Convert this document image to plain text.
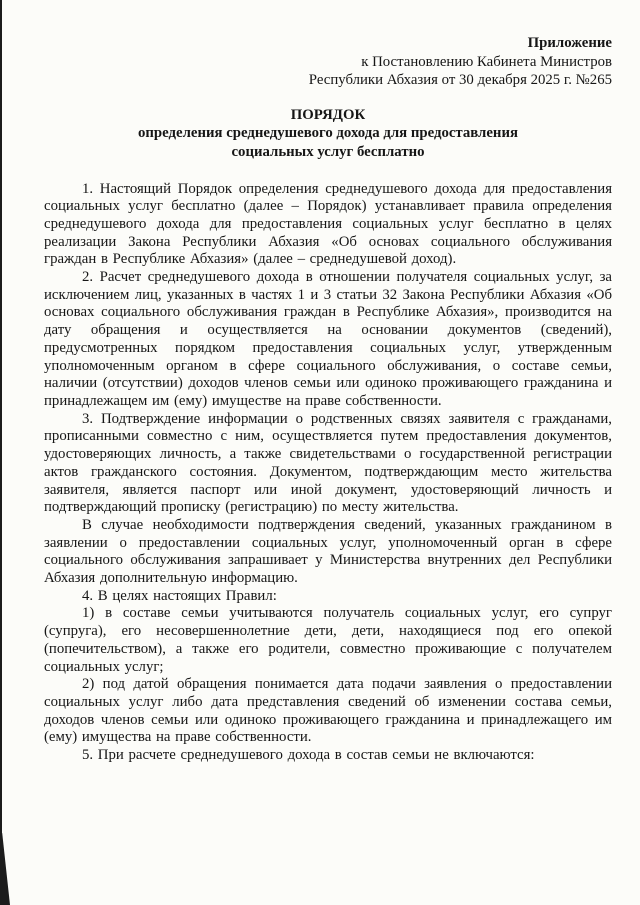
Приложение
к Постановлению Кабинета Министров
Республики Абхазия от 30 декабря 2025 г. №265
ПОРЯДОК
определения среднедушевого дохода для предоставления
социальных услуг бесплатно

1. Настоящий Порядок определения среднедушевого дохода для предоставления социальных услуг бесплатно (далее – Порядок) устанавливает правила определения среднедушевого дохода для предоставления социальных услуг бесплатно в целях реализации Закона Республики Абхазия «Об основах социального обслуживания граждан в Республике Абхазия» (далее – среднедушевой доход).

2. Расчет среднедушевого дохода в отношении получателя социальных услуг, за исключением лиц, указанных в частях 1 и 3 статьи 32 Закона Республики Абхазия «Об основах социального обслуживания граждан в Республике Абхазия», производится на дату обращения и осуществляется на основании документов (сведений), предусмотренных порядком предоставления социальных услуг, утвержденным уполномоченным органом в сфере социального обслуживания, о составе семьи, наличии (отсутствии) доходов членов семьи или одиноко проживающего гражданина и принадлежащем им (ему) имуществе на праве собственности.

3. Подтверждение информации о родственных связях заявителя с гражданами, прописанными совместно с ним, осуществляется путем предоставления документов, удостоверяющих личность, а также свидетельствами о государственной регистрации актов гражданского состояния. Документом, подтверждающим место жительства заявителя, является паспорт или иной документ, удостоверяющий личность и подтверждающий прописку (регистрацию) по месту жительства.

В случае необходимости подтверждения сведений, указанных гражданином в заявлении о предоставлении социальных услуг, уполномоченный орган в сфере социального обслуживания запрашивает у Министерства внутренних дел Республики Абхазия дополнительную информацию.

4. В целях настоящих Правил:

1) в составе семьи учитываются получатель социальных услуг, его супруг (супруга), его несовершеннолетние дети, дети, находящиеся под его опекой (попечительством), а также его родители, совместно проживающие с получателем социальных услуг;

2) под датой обращения понимается дата подачи заявления о предоставлении социальных услуг либо дата представления сведений об изменении состава семьи, доходов членов семьи или одиноко проживающего гражданина и принадлежащего им (ему) имущества на праве собственности.

5. При расчете среднедушевого дохода в состав семьи не включаются:
